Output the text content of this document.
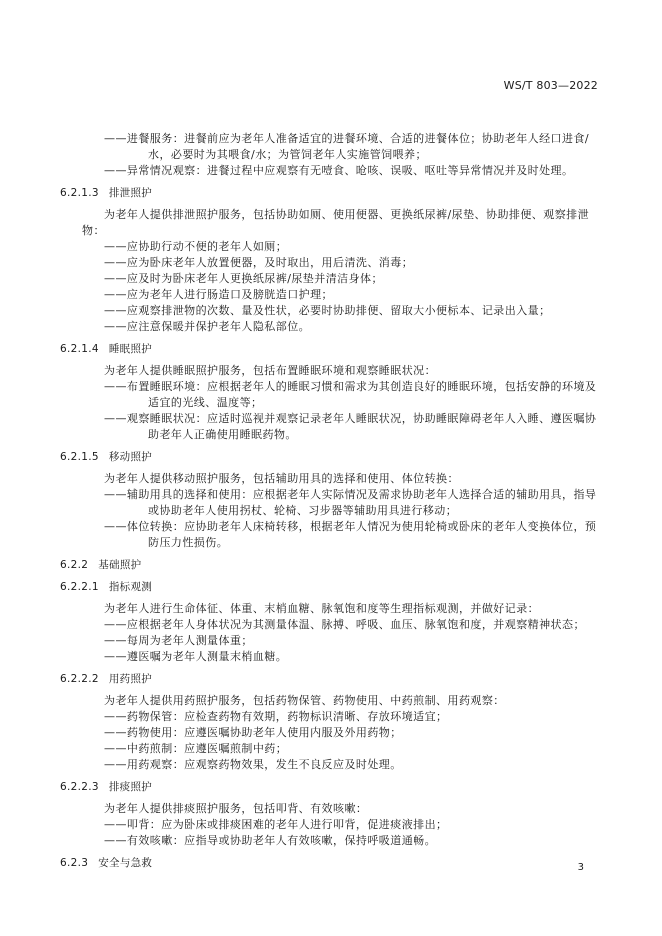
WS/T 803—2022

——进餐服务：进餐前应为老年人准备适宜的进餐环境、合适的进餐体位；协助老年人经口进食/水，必要时为其喂食/水；为管饲老年人实施管饲喂养；

——异常情况观察：进餐过程中应观察有无噎食、呛咳、误吸、呕吐等异常情况并及时处理。

6.2.1.3 排泄照护

为老年人提供排泄照护服务，包括协助如厕、使用便器、更换纸尿裤/尿垫、协助排便、观察排泄物：

——应协助行动不便的老年人如厕；

——应为卧床老年人放置便器，及时取出，用后清洗、消毒；

——应及时为卧床老年人更换纸尿裤/尿垫并清洁身体；

——应为老年人进行肠造口及膀胱造口护理；

——应观察排泄物的次数、量及性状，必要时协助排便、留取大小便标本、记录出入量；

——应注意保暖并保护老年人隐私部位。

6.2.1.4 睡眠照护

为老年人提供睡眠照护服务，包括布置睡眠环境和观察睡眠状况：

——布置睡眠环境：应根据老年人的睡眠习惯和需求为其创造良好的睡眠环境，包括安静的环境及适宜的光线、温度等；

——观察睡眠状况：应适时巡视并观察记录老年人睡眠状况，协助睡眠障碍老年人入睡、遵医嘱协助老年人正确使用睡眠药物。

6.2.1.5 移动照护

为老年人提供移动照护服务，包括辅助用具的选择和使用、体位转换：

——辅助用具的选择和使用：应根据老年人实际情况及需求协助老年人选择合适的辅助用具，指导或协助老年人使用拐杖、轮椅、习步器等辅助用具进行移动；

——体位转换：应协助老年人床椅转移，根据老年人情况为使用轮椅或卧床的老年人变换体位，预防压力性损伤。

6.2.2 基础照护
6.2.2.1 指标观测

为老年人进行生命体征、体重、末梢血糖、脉氧饱和度等生理指标观测，并做好记录：

——应根据老年人身体状况为其测量体温、脉搏、呼吸、血压、脉氧饱和度，并观察精神状态；

——每周为老年人测量体重；

——遵医嘱为老年人测量末梢血糖。

6.2.2.2 用药照护

为老年人提供用药照护服务，包括药物保管、药物使用、中药煎制、用药观察：

——药物保管：应检查药物有效期，药物标识清晰、存放环境适宜；

——药物使用：应遵医嘱协助老年人使用内服及外用药物；

——中药煎制：应遵医嘱煎制中药；

——用药观察：应观察药物效果，发生不良反应及时处理。

6.2.2.3 排痰照护

为老年人提供排痰照护服务，包括叩背、有效咳嗽：

——叩背：应为卧床或排痰困难的老年人进行叩背，促进痰液排出；

——有效咳嗽：应指导或协助老年人有效咳嗽，保持呼吸道通畅。

6.2.3 安全与急救	3
